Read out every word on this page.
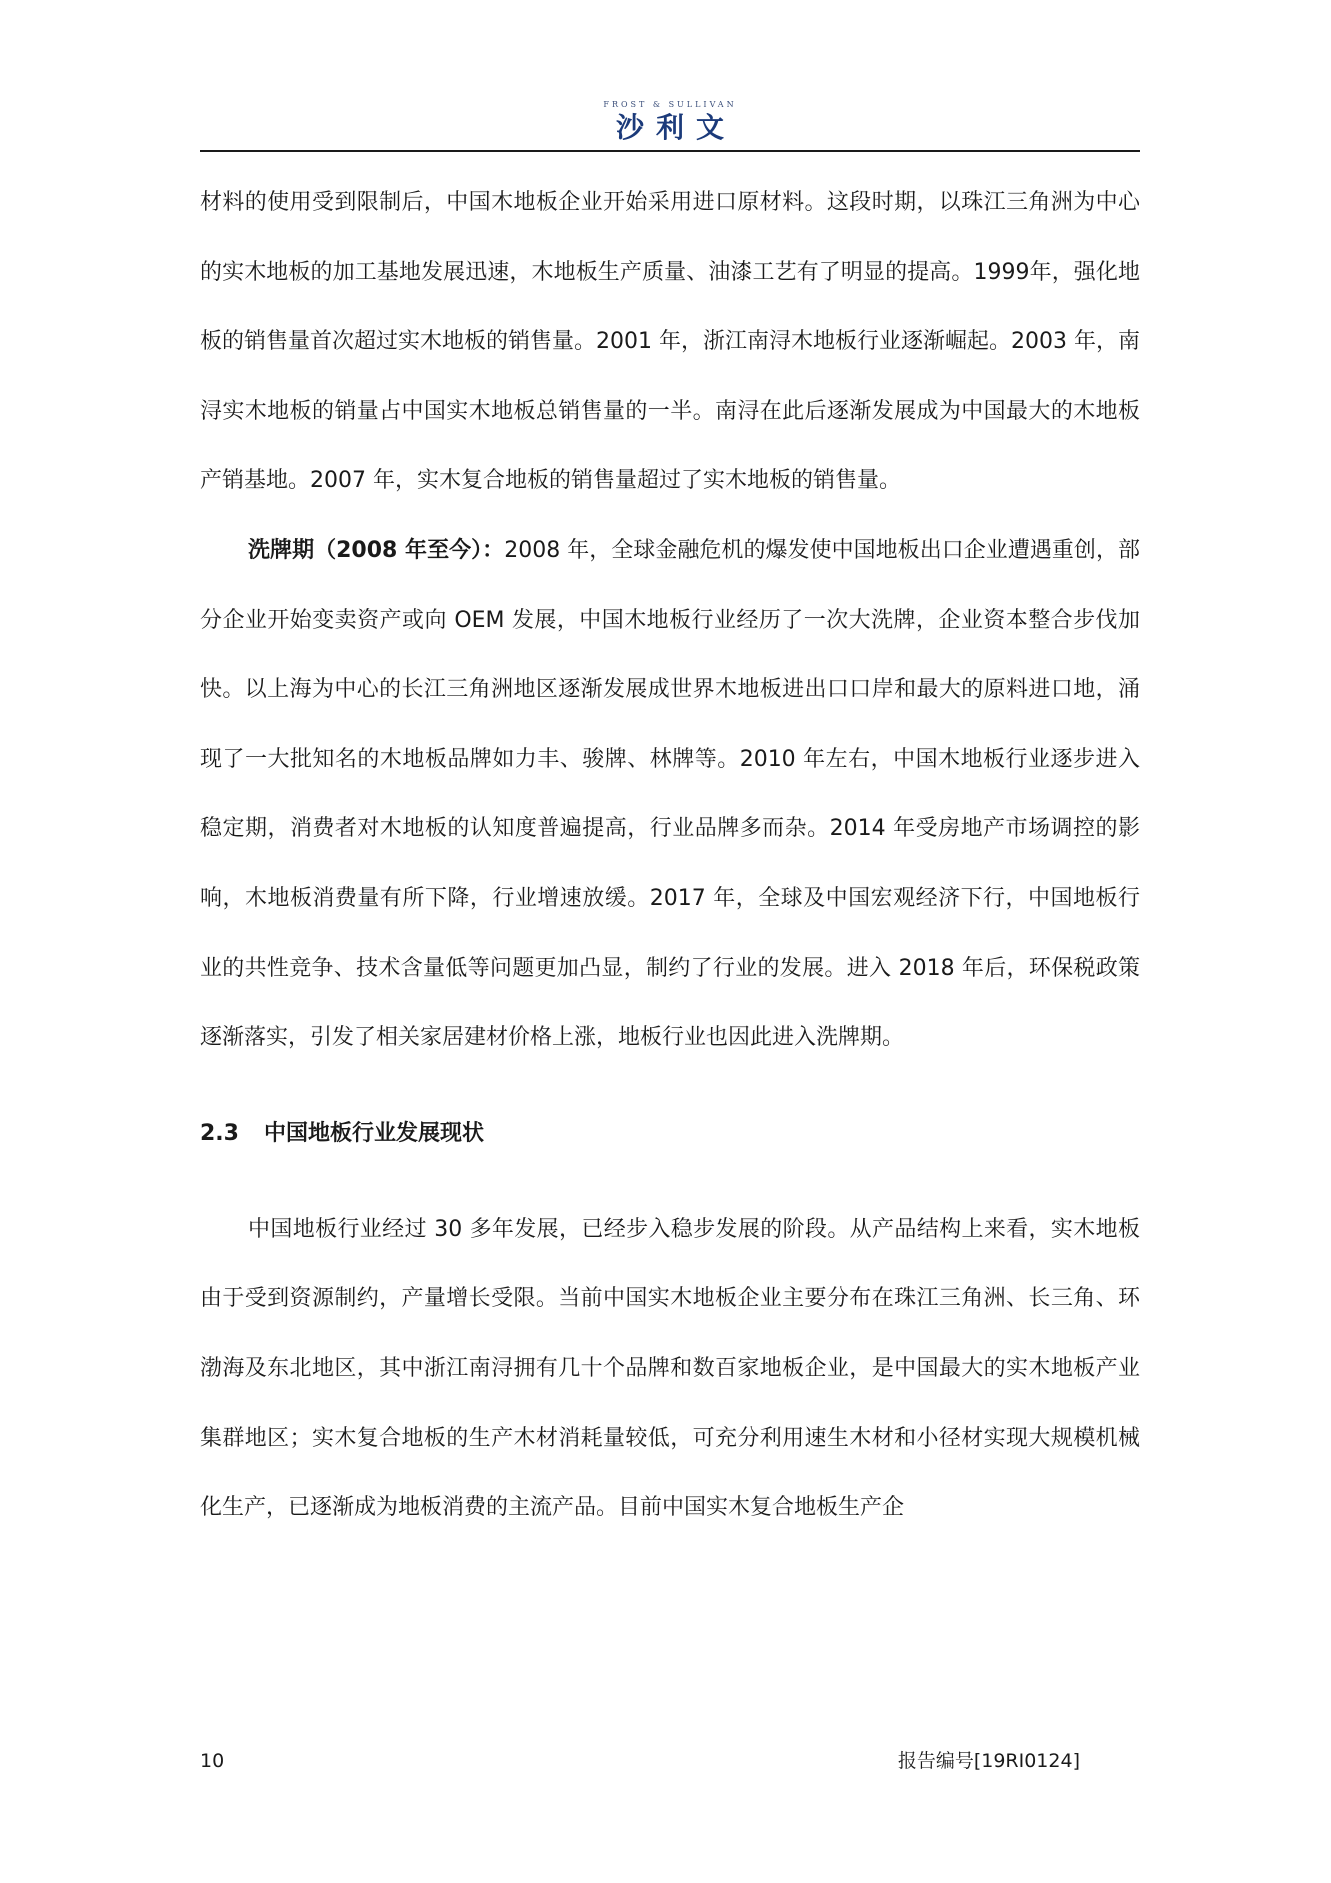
FROST & SULLIVAN
沙利文

材料的使用受到限制后，中国木地板企业开始采用进口原材料。这段时期，以珠江三角洲为中心的实木地板的加工基地发展迅速，木地板生产质量、油漆工艺有了明显的提高。1999年，强化地板的销售量首次超过实木地板的销售量。2001 年，浙江南浔木地板行业逐渐崛起。2003 年，南浔实木地板的销量占中国实木地板总销售量的一半。南浔在此后逐渐发展成为中国最大的木地板产销基地。2007 年，实木复合地板的销售量超过了实木地板的销售量。

洗牌期（2008 年至今）：2008 年，全球金融危机的爆发使中国地板出口企业遭遇重创，部分企业开始变卖资产或向 OEM 发展，中国木地板行业经历了一次大洗牌，企业资本整合步伐加快。以上海为中心的长江三角洲地区逐渐发展成世界木地板进出口口岸和最大的原料进口地，涌现了一大批知名的木地板品牌如力丰、骏牌、林牌等。2010 年左右，中国木地板行业逐步进入稳定期，消费者对木地板的认知度普遍提高，行业品牌多而杂。2014 年受房地产市场调控的影响，木地板消费量有所下降，行业增速放缓。2017 年，全球及中国宏观经济下行，中国地板行业的共性竞争、技术含量低等问题更加凸显，制约了行业的发展。进入 2018 年后，环保税政策逐渐落实，引发了相关家居建材价格上涨，地板行业也因此进入洗牌期。

2.3	中国地板行业发展现状

中国地板行业经过 30 多年发展，已经步入稳步发展的阶段。从产品结构上来看，实木地板由于受到资源制约，产量增长受限。当前中国实木地板企业主要分布在珠江三角洲、长三角、环渤海及东北地区，其中浙江南浔拥有几十个品牌和数百家地板企业，是中国最大的实木地板产业集群地区；实木复合地板的生产木材消耗量较低，可充分利用速生木材和小径材实现大规模机械化生产，已逐渐成为地板消费的主流产品。目前中国实木复合地板生产企

10	报告编号[19RI0124]
